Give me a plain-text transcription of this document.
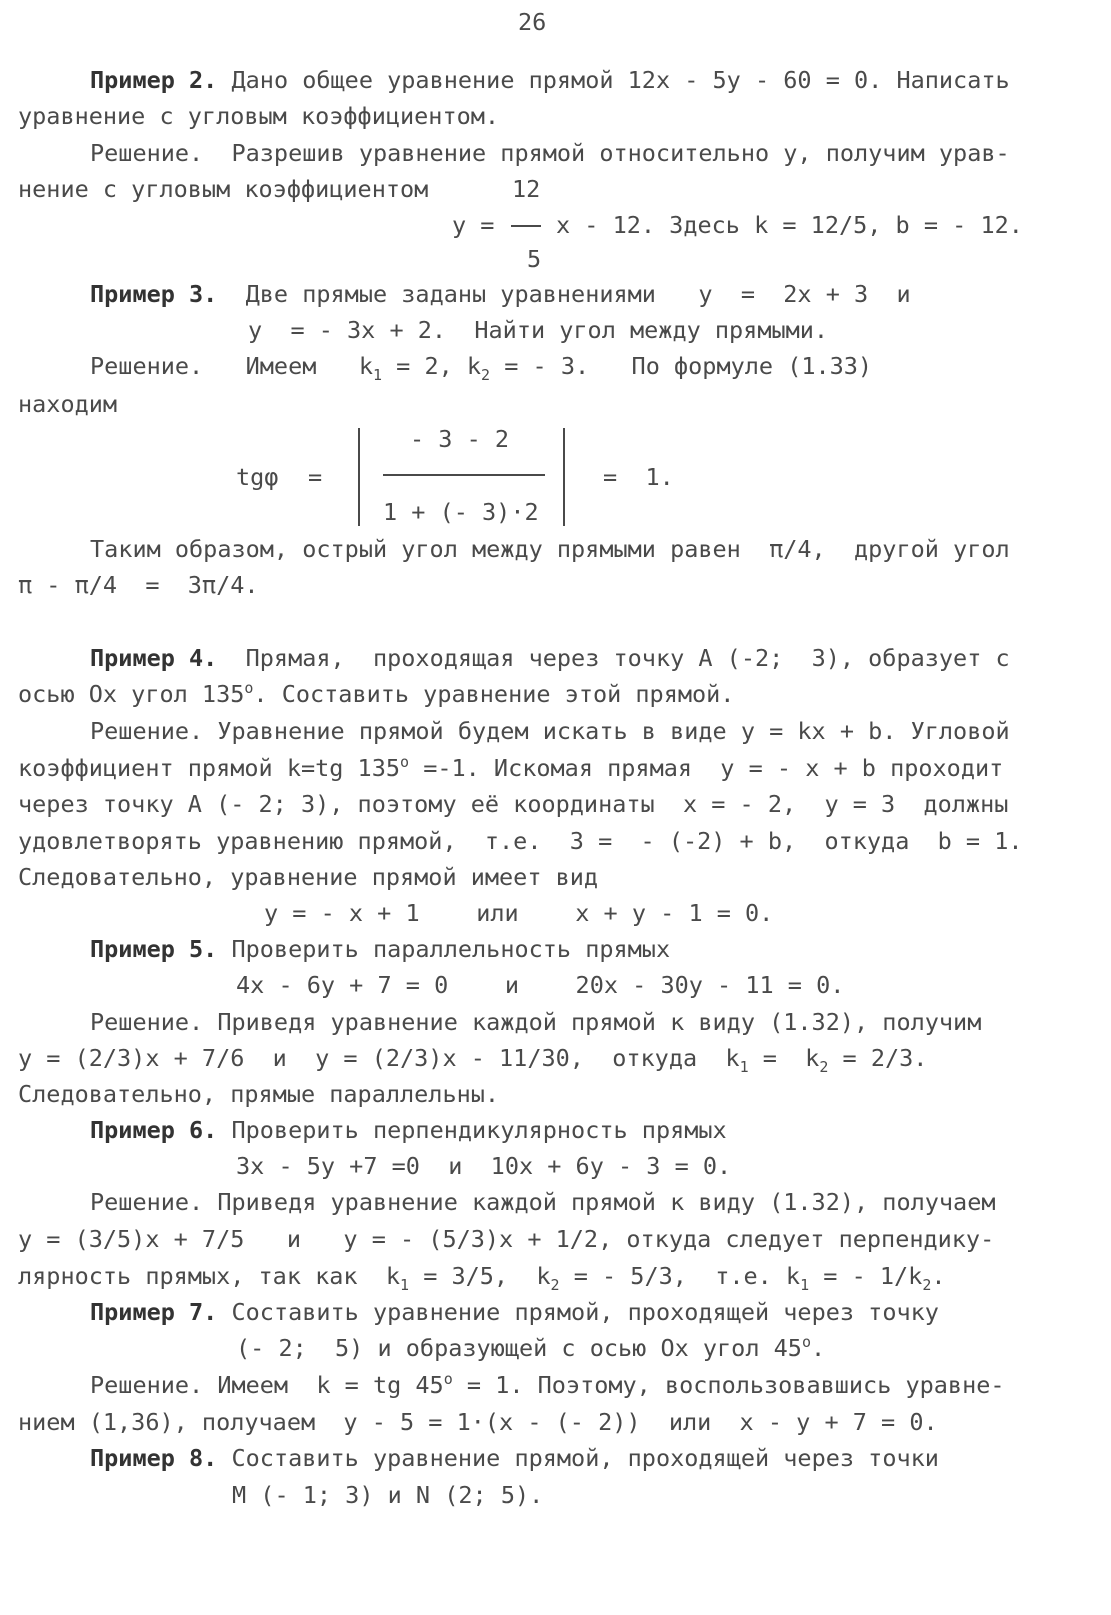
26
Пример 2. Дано общее уравнение прямой 12x - 5y - 60 = 0. Написать
уравнение с угловым коэффициентом.
Решение.  Разрешив уравнение прямой относительно y, получим урав-
нение с угловым коэффициентом	12
y =	x - 12. Здесь k = 12/5, b = - 12.
5
Пример 3. Две прямые заданы уравнениями   y  =  2x + 3  и
y  = - 3x + 2.  Найти угол между прямыми.
Решение.   Имеем   $k_1 = 2$, $k_2$ = - 3.   По формуле (1.33)
находим
tgφ =
- 3 - 2
1 + (- 3)·2
=  1.
Таким образом, острый угол между прямыми равен  π/4,  другой угол
π - π/4  =  3π/4.
Пример 4. Прямая,  проходящая через точку A (-2;  3), образует с
осью Ox угол 135$^o$. Составить уравнение этой прямой.
Решение. Уравнение прямой будем искать в виде y = kx + b. Угловой
коэффициент прямой k=tg $135^o =-1$. Искомая прямая  y = - x + b проходит
через точку A (- 2; 3), поэтому её координаты  x = - 2,  y = 3  должны
удовлетворять уравнению прямой,  т.е.  3 =  - (-2) + b,  откуда  b = 1.
Следовательно, уравнение прямой имеет вид
y = - x + 1    или    x + y - 1 = 0.
Пример 5. Проверить параллельность прямых
4x - 6y + 7 = 0    и    20x - 30y - 11 = 0.
Решение. Приведя уравнение каждой прямой к виду (1.32), получим
y = (2/3)x + 7/6  и  y = (2/3)x - 11/30,  откуда  $k_1 = k_2 = 2/3$.
Следовательно, прямые параллельны.
Пример 6. Проверить перпендикулярность прямых
3x - 5y +7 =0  и  10x + 6y - 3 = 0.
Решение. Приведя уравнение каждой прямой к виду (1.32), получаем
y = (3/5)x + 7/5   и   y = - (5/3)x + 1/2, откуда следует перпендику-
лярность прямых, так как  $k_1 = 3/5$,  $k_2$ = - 5/3,  т.е. $k_1$ = - $1/k_2$.
Пример 7. Составить уравнение прямой, проходящей через точку
(- 2;  5) и образующей с осью Ox угол 45$^o$.
Решение. Имеем  k = tg $45^o = 1$. Поэтому, воспользовавшись уравне-
нием (1,36), получаем  y - 5 = 1·(x - (- 2))  или  x - y + 7 = 0.
Пример 8. Составить уравнение прямой, проходящей через точки
M (- 1; 3) и N (2; 5).
